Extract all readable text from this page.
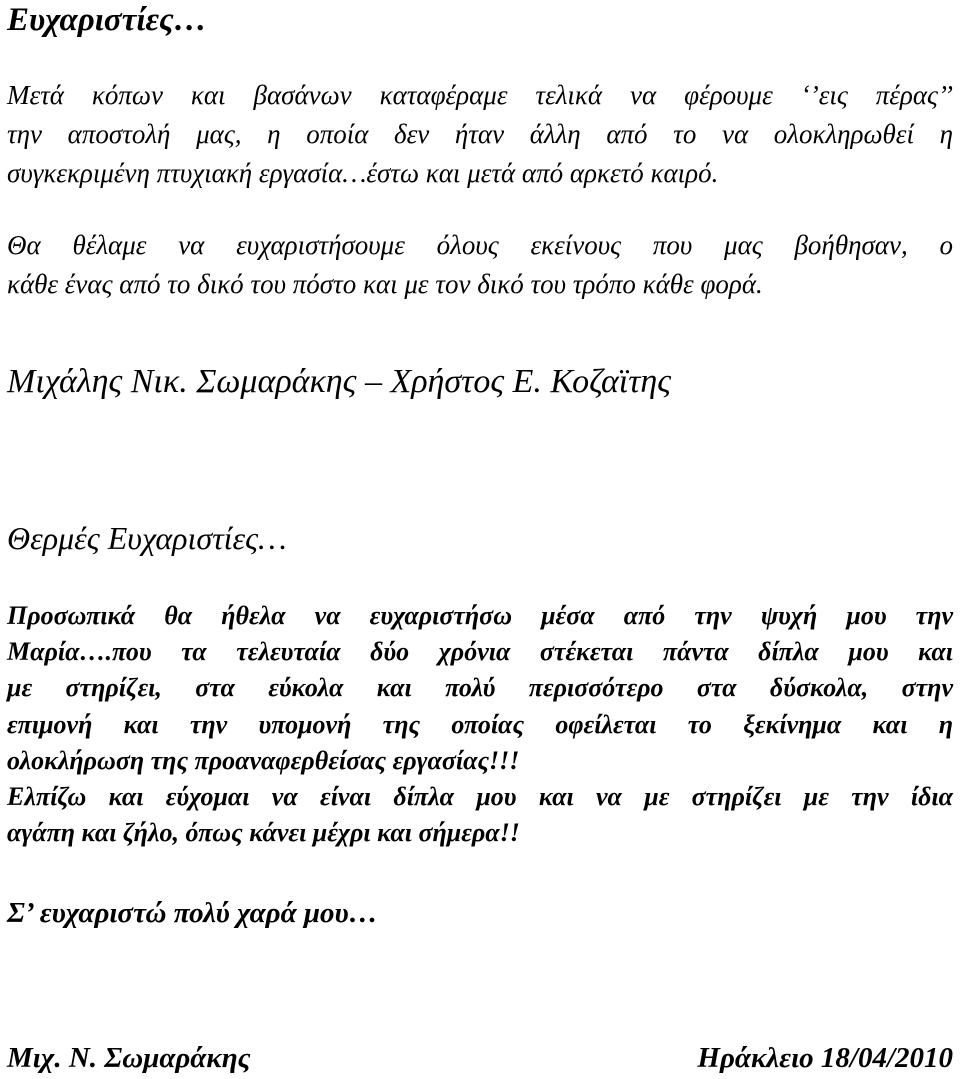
Ευχαριστίες…
Μετά κόπων και βασάνων καταφέραμε τελικά να φέρουμε ‘’εις πέρας’’
την αποστολή μας, η οποία δεν ήταν άλλη από το να ολοκληρωθεί η
συγκεκριμένη πτυχιακή εργασία…έστω και μετά από αρκετό καιρό.
Θα θέλαμε να ευχαριστήσουμε όλους εκείνους που μας βοήθησαν, ο
κάθε ένας από το δικό του πόστο και με τον δικό του τρόπο κάθε φορά.
Μιχάλης Νικ. Σωμαράκης – Χρήστος Ε. Κοζαϊτης
Θερμές Ευχαριστίες…
Προσωπικά θα ήθελα να ευχαριστήσω μέσα από την ψυχή μου την
Μαρία….που τα τελευταία δύο χρόνια στέκεται πάντα δίπλα μου και
με στηρίζει, στα εύκολα και πολύ περισσότερο στα δύσκολα, στην
επιμονή και την υπομονή της οποίας οφείλεται το ξεκίνημα και η
ολοκλήρωση της προαναφερθείσας εργασίας!!!
Ελπίζω και εύχομαι να είναι δίπλα μου και να με στηρίζει με την ίδια
αγάπη και ζήλο, όπως κάνει μέχρι και σήμερα!!
Σ’ ευχαριστώ πολύ χαρά μου…
Μιχ. Ν. Σωμαράκης	Ηράκλειο 18/04/2010
